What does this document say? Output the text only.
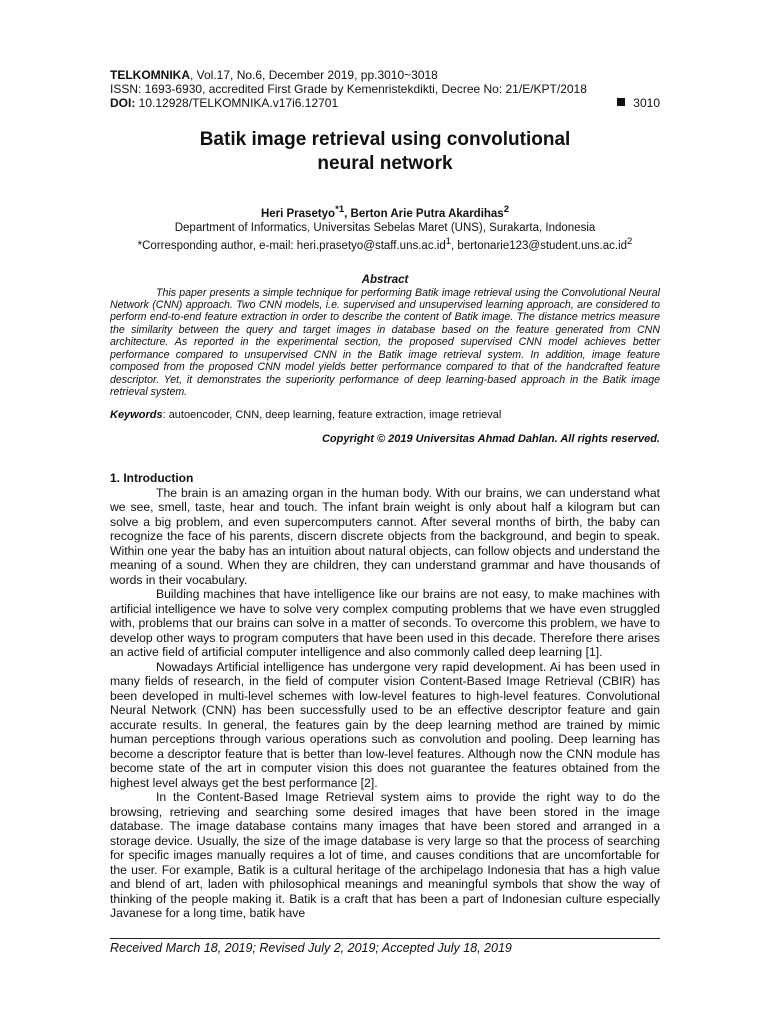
TELKOMNIKA, Vol.17, No.6, December 2019, pp.3010~3018
ISSN: 1693-6930, accredited First Grade by Kemenristekdikti, Decree No: 21/E/KPT/2018
DOI: 10.12928/TELKOMNIKA.v17i6.12701	3010
Batik image retrieval using convolutional
neural network
Heri Prasetyo$^{*1}$, Berton Arie Putra Akardihas$^2$
Department of Informatics, Universitas Sebelas Maret (UNS), Surakarta, Indonesia
*Corresponding author, e-mail: $heri.prasetyo@staff.uns.ac.id^1$, $bertonarie123@student.uns.ac.id^2$
Abstract
This paper presents a simple technique for performing Batik image retrieval using the Convolutional Neural Network (CNN) approach. Two CNN models, i.e. supervised and unsupervised learning approach, are considered to perform end-to-end feature extraction in order to describe the content of Batik image. The distance metrics measure the similarity between the query and target images in database based on the feature generated from CNN architecture. As reported in the experimental section, the proposed supervised CNN model achieves better performance compared to unsupervised CNN in the Batik image retrieval system. In addition, image feature composed from the proposed CNN model yields better performance compared to that of the handcrafted feature descriptor. Yet, it demonstrates the superiority performance of deep learning-based approach in the Batik image retrieval system.
Keywords: autoencoder, CNN, deep learning, feature extraction, image retrieval
Copyright © 2019 Universitas Ahmad Dahlan. All rights reserved.
1. Introduction

The brain is an amazing organ in the human body. With our brains, we can understand what we see, smell, taste, hear and touch. The infant brain weight is only about half a kilogram but can solve a big problem, and even supercomputers cannot. After several months of birth, the baby can recognize the face of his parents, discern discrete objects from the background, and begin to speak. Within one year the baby has an intuition about natural objects, can follow objects and understand the meaning of a sound. When they are children, they can understand grammar and have thousands of words in their vocabulary.

Building machines that have intelligence like our brains are not easy, to make machines with artificial intelligence we have to solve very complex computing problems that we have even struggled with, problems that our brains can solve in a matter of seconds. To overcome this problem, we have to develop other ways to program computers that have been used in this decade. Therefore there arises an active field of artificial computer intelligence and also commonly called deep learning [1].

Nowadays Artificial intelligence has undergone very rapid development. Ai has been used in many fields of research, in the field of computer vision Content-Based Image Retrieval (CBIR) has been developed in multi-level schemes with low-level features to high-level features. Convolutional Neural Network (CNN) has been successfully used to be an effective descriptor feature and gain accurate results. In general, the features gain by the deep learning method are trained by mimic human perceptions through various operations such as convolution and pooling. Deep learning has become a descriptor feature that is better than low-level features. Although now the CNN module has become state of the art in computer vision this does not guarantee the features obtained from the highest level always get the best performance [2].

In the Content-Based Image Retrieval system aims to provide the right way to do the browsing, retrieving and searching some desired images that have been stored in the image database. The image database contains many images that have been stored and arranged in a storage device. Usually, the size of the image database is very large so that the process of searching for specific images manually requires a lot of time, and causes conditions that are uncomfortable for the user. For example, Batik is a cultural heritage of the archipelago Indonesia that has a high value and blend of art, laden with philosophical meanings and meaningful symbols that show the way of thinking of the people making it. Batik is a craft that has been a part of Indonesian culture especially Javanese for a long time, batik have

Received March 18, 2019; Revised July 2, 2019; Accepted July 18, 2019
